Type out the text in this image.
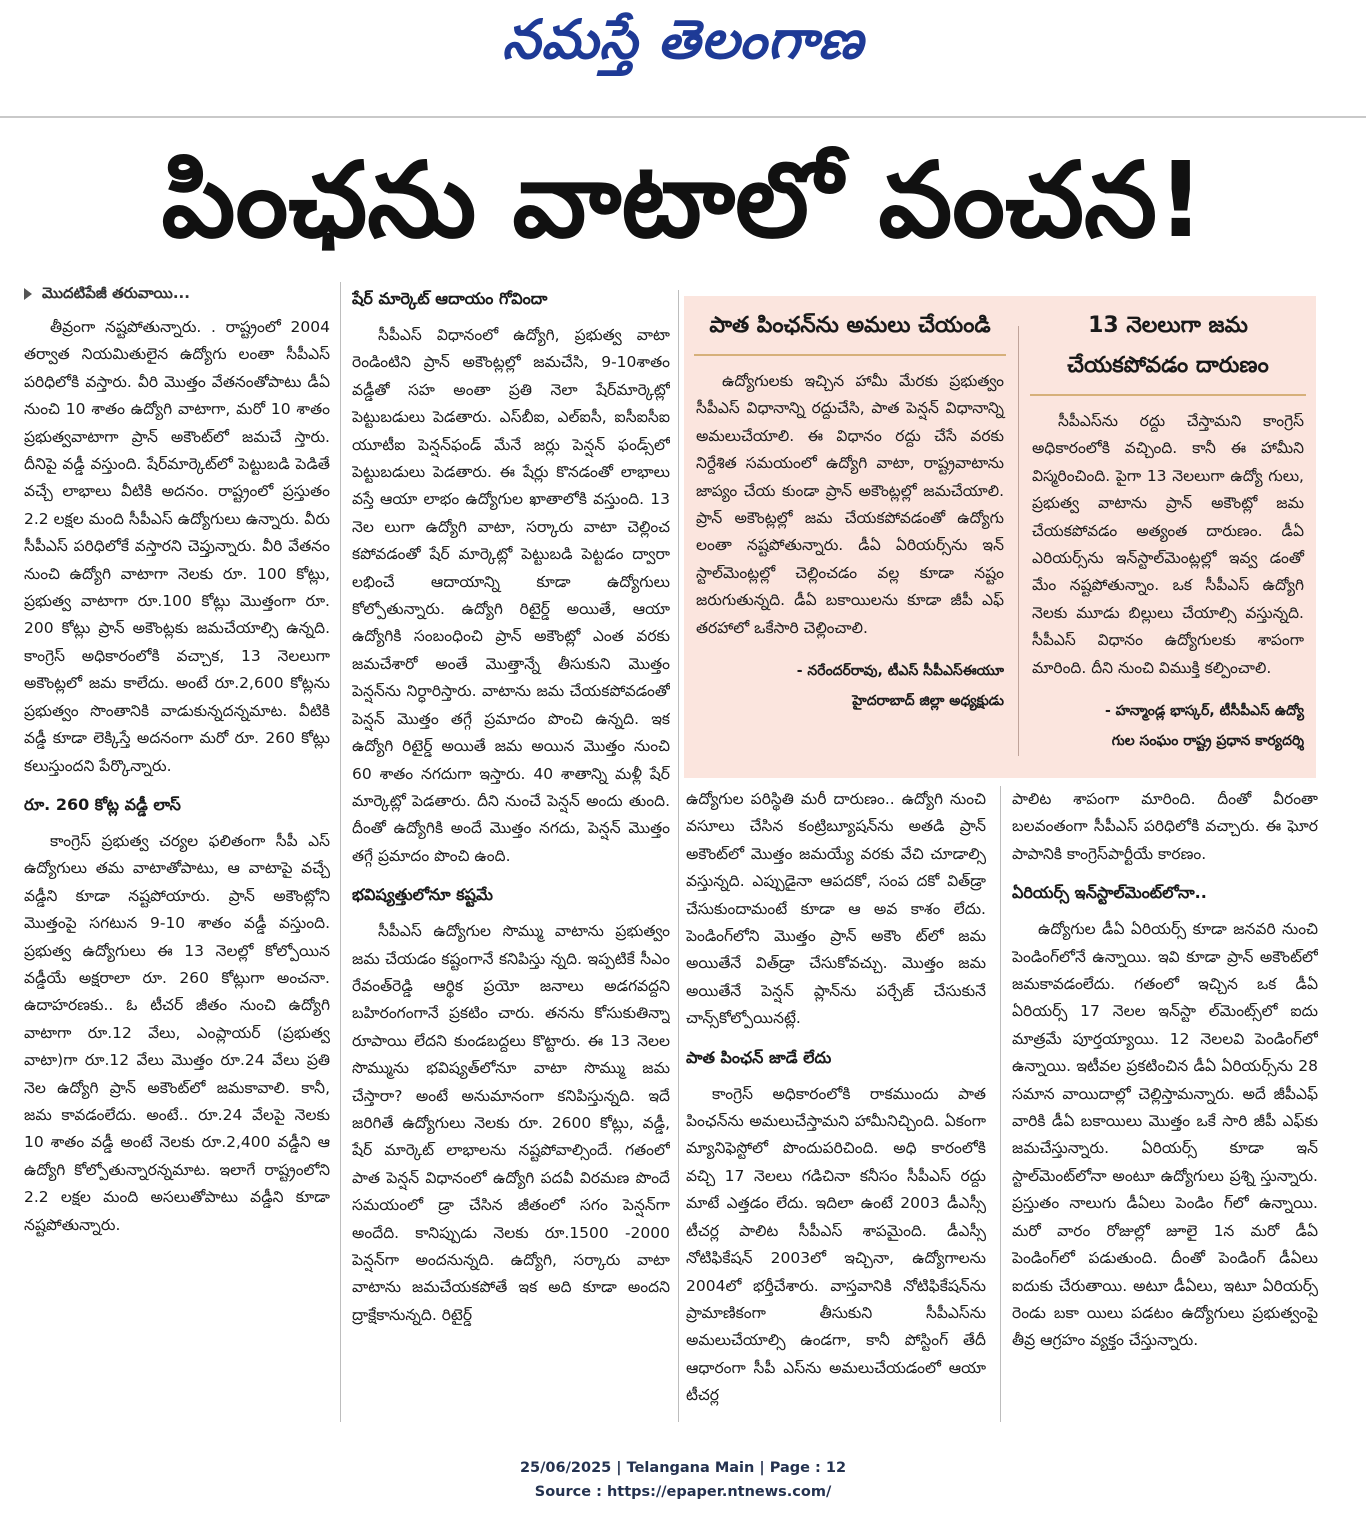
నమస్తే తెలంగాణ
పింఛను వాటాలో వంచన!
మొదటిపేజీ తరువాయి...

తీవ్రంగా నష్టపోతున్నారు. . రాష్ట్రంలో 2004 తర్వాత నియమితులైన ఉద్యోగు లంతా సీపీఎస్ పరిధిలోకి వస్తారు. వీరి మొత్తం వేతనంతోపాటు డీఏ నుంచి 10 శాతం ఉద్యోగి వాటాగా, మరో 10 శాతం ప్రభుత్వవాటాగా ప్రాన్ అకౌంట్‌లో జమచే స్తారు. దీనిపై వడ్డీ వస్తుంది. షేర్‌మార్కెట్‌లో పెట్టుబడి పెడితే వచ్చే లాభాలు వీటికి అదనం. రాష్ట్రంలో ప్రస్తుతం 2.2 లక్షల మంది సీపీఎస్ ఉద్యోగులు ఉన్నారు. వీరు సీపీఎస్ పరిధిలోకే వస్తారని చెప్తున్నారు. వీరి వేతనం నుంచి ఉద్యోగి వాటాగా నెలకు రూ. 100 కోట్లు, ప్రభుత్వ వాటాగా రూ.100 కోట్లు మొత్తంగా రూ. 200 కోట్లు ప్రాన్ అకౌంట్లకు జమచేయాల్సి ఉన్నది. కాంగ్రెస్ అధికారంలోకి వచ్చాక, 13 నెలలుగా అకౌంట్లలో జమ కాలేదు. అంటే రూ.2,600 కోట్లను ప్రభుత్వం సొంతానికి వాడుకున్నదన్నమాట. వీటికి వడ్డీ కూడా లెక్కిస్తే అదనంగా మరో రూ. 260 కోట్లు కలుస్తుందని పేర్కొన్నారు.

రూ. 260 కోట్ల వడ్డీ లాస్

కాంగ్రెస్ ప్రభుత్వ చర్యల ఫలితంగా సీపీ ఎస్ ఉద్యోగులు తమ వాటాతోపాటు, ఆ వాటాపై వచ్చే వడ్డీని కూడా నష్టపోయారు. ప్రాన్ అకౌంట్లోని మొత్తంపై సగటున 9-10 శాతం వడ్డీ వస్తుంది. ప్రభుత్వ ఉద్యోగులు ఈ 13 నెలల్లో కోల్పోయిన వడ్డీయే అక్షరాలా రూ. 260 కోట్లుగా అంచనా. ఉదాహరణకు.. ఓ టీచర్ జీతం నుంచి ఉద్యోగి వాటాగా రూ.12 వేలు, ఎంప్లాయర్ (ప్రభుత్వ వాటా)గా రూ.12 వేలు మొత్తం రూ.24 వేలు ప్రతి నెల ఉద్యోగి ప్రాన్ అకౌంట్‌లో జమకావాలి. కానీ, జమ కావడంలేదు. అంటే.. రూ.24 వేలపై నెలకు 10 శాతం వడ్డీ అంటే నెలకు రూ.2,400 వడ్డీని ఆ ఉద్యోగి కోల్పోతున్నారన్నమాట. ఇలాగే రాష్ట్రంలోని 2.2 లక్షల మంది అసలుతోపాటు వడ్డీని కూడా నష్టపోతున్నారు.

షేర్ మార్కెట్ ఆదాయం గోవిందా

సీపీఎస్ విధానంలో ఉద్యోగి, ప్రభుత్వ వాటా రెండింటిని ప్రాన్ అకౌంట్లల్లో జమచేసి, 9-10శాతం వడ్డీతో సహ అంతా ప్రతి నెలా షేర్‌మార్కెట్లో పెట్టుబడులు పెడతారు. ఎస్‌బీఐ, ఎల్ఐసీ, ఐసీఐసీఐ యూటీఐ పెన్షన్‌ఫండ్ మేనే జర్లు పెన్షన్ ఫండ్స్‌లో పెట్టుబడులు పెడతారు. ఈ షేర్లు కొనడంతో లాభాలు వస్తే ఆయా లాభం ఉద్యోగుల ఖాతాలోకి వస్తుంది. 13 నెల లుగా ఉద్యోగి వాటా, సర్కారు వాటా చెల్లించ కపోవడంతో షేర్ మార్కెట్లో పెట్టుబడి పెట్టడం ద్వారా లభించే ఆదాయాన్ని కూడా ఉద్యోగులు కోల్పోతున్నారు. ఉద్యోగి రిటైర్డ్ అయితే, ఆయా ఉద్యోగికి సంబంధించి ప్రాన్ అకౌంట్లో ఎంత వరకు జమచేశారో అంతే మొత్తాన్నే తీసుకుని మొత్తం పెన్షన్‌ను నిర్ధారిస్తారు. వాటాను జమ చేయకపోవడంతో పెన్షన్ మొత్తం తగ్గే ప్రమాదం పొంచి ఉన్నది. ఇక ఉద్యోగి రిటైర్డ్ అయితే జమ అయిన మొత్తం నుంచి 60 శాతం నగదుగా ఇస్తారు. 40 శాతాన్ని మళ్లీ షేర్ మార్కెట్లో పెడతారు. దీని నుంచే పెన్షన్ అందు తుంది. దీంతో ఉద్యోగికి అందే మొత్తం నగదు, పెన్షన్ మొత్తం తగ్గే ప్రమాదం పొంచి ఉంది.

భవిష్యత్తులోనూ కష్టమే

సీపీఎస్ ఉద్యోగుల సొమ్ము వాటాను ప్రభుత్వం జమ చేయడం కష్టంగానే కనిపిస్తు న్నది. ఇప్పటికే సీఎం రేవంత్‌రెడ్డి ఆర్థిక ప్రయో జనాలు అడగవద్దని బహిరంగంగానే ప్రకటిం చారు. తనను కోసుకుతిన్నా రూపాయి లేదని కుండబద్దలు కొట్టారు. ఈ 13 నెలల సొమ్మును భవిష్యత్‌లోనూ వాటా సొమ్ము జమ చేస్తారా? అంటే అనుమానంగా కనిపిస్తున్నది. ఇదే జరిగితే ఉద్యోగులు నెలకు రూ. 2600 కోట్లు, వడ్డీ, షేర్ మార్కెట్ లాభాలను నష్టపోవాల్సిందే. గతంలో పాత పెన్షన్ విధానంలో ఉద్యోగి పదవీ విరమణ పొందే సమయంలో డ్రా చేసిన జీతంలో సగం పెన్షన్‌గా అందేది. కానిప్పుడు నెలకు రూ.1500 -2000 పెన్షన్‌గా అందనున్నది. ఉద్యోగి, సర్కారు వాటా వాటాను జమచేయకపోతే ఇక అది కూడా అందని ద్రాక్షేకానున్నది. రిటైర్డ్

పాత పింఛన్‌ను అమలు చేయండి

ఉద్యోగులకు ఇచ్చిన హామీ మేరకు ప్రభుత్వం సీపీఎస్ విధానాన్ని రద్దుచేసి, పాత పెన్షన్ విధానాన్ని అమలుచేయాలి. ఈ విధానం రద్దు చేసే వరకు నిర్దేశిత సమయంలో ఉద్యోగి వాటా, రాష్ట్రవాటాను జాప్యం చేయ కుండా ప్రాన్ అకౌంట్లల్లో జమచేయాలి. ప్రాన్ అకౌంట్లల్లో జమ చేయకపోవడంతో ఉద్యోగు లంతా నష్టపోతున్నారు. డీఏ ఏరియర్స్‌ను ఇన్ స్టాల్‌మెంట్లల్లో చెల్లించడం వల్ల కూడా నష్టం జరుగుతున్నది. డీఏ బకాయిలను కూడా జీపీ ఎఫ్ తరహాలో ఒకేసారి చెల్లించాలి.

- నరేందర్‌రావు, టీఎస్ సీపీఎస్ఈయూ
హైదరాబాద్ జిల్లా అధ్యక్షుడు
13 నెలలుగా జమ చేయకపోవడం దారుణం

సీపీఎస్‌ను రద్దు చేస్తామని కాంగ్రెస్ అధికారంలోకి వచ్చింది. కానీ ఈ హామీని విస్మరించింది. పైగా 13 నెలలుగా ఉద్యో గులు, ప్రభుత్వ వాటాను ప్రాన్ అకౌంట్లో జమ చేయకపోవడం అత్యంత దారుణం. డీఏ ఎరియర్స్‌ను ఇన్‌స్టాల్‌మెంట్లల్లో ఇవ్వ డంతో మేం నష్టపోతున్నాం. ఒక సీపీఎస్ ఉద్యోగి నెలకు మూడు బిల్లులు చేయాల్సి వస్తున్నది. సీపీఎస్ విధానం ఉద్యోగులకు శాపంగా మారింది. దీని నుంచి విముక్తి కల్పించాలి.

- హన్మాండ్ల భాస్కర్, టీసీపీఎస్ ఉద్యో
గుల సంఘం రాష్ట్ర ప్రధాన కార్యదర్శి

ఉద్యోగుల పరిస్థితి మరీ దారుణం.. ఉద్యోగి నుంచి వసూలు చేసిన కంట్రిబ్యూషన్‌ను అతడి ప్రాన్ అకౌంట్‌లో మొత్తం జమయ్యే వరకు వేచి చూడాల్సి వస్తున్నది. ఎప్పుడైనా ఆపదకో, సంప దకో విత్‌డ్రా చేసుకుందామంటే కూడా ఆ అవ కాశం లేదు. పెండింగ్‌లోని మొత్తం ప్రాన్ అకౌం ట్‌లో జమ అయితేనే విత్‌డ్రా చేసుకోవచ్చు. మొత్తం జమ అయితేనే పెన్షన్ ప్లాన్‌ను పర్చేజ్ చేసుకునే చాన్స్‌కోల్పోయినట్లే.

పాత పింఛన్ జాడే లేదు

కాంగ్రెస్ అధికారంలోకి రాకముందు పాత పింఛన్‌ను అమలుచేస్తామని హామీనిచ్చింది. ఏకంగా మ్యానిఫెస్టోలో పొందుపరిచింది. అధి కారంలోకి వచ్చి 17 నెలలు గడిచినా కనీసం సీపీఎస్ రద్దు మాటే ఎత్తడం లేదు. ఇదిలా ఉంటే 2003 డీఎస్సీ టీచర్ల పాలిట సీపీఎస్ శాపమైంది. డీఎస్సీ నోటిఫికేషన్ 2003లో ఇచ్చినా, ఉద్యోగాలను 2004లో భర్తీచేశారు. వాస్తవానికి నోటిఫికేషన్‌ను ప్రామాణికంగా తీసుకుని సీపీఎస్‌ను అమలుచేయాల్సి ఉండగా, కానీ పోస్టింగ్ తేదీ ఆధారంగా సీపీ ఎస్‌ను అమలుచేయడంలో ఆయా టీచర్ల

పాలిట శాపంగా మారింది. దీంతో వీరంతా బలవంతంగా సీపీఎస్ పరిధిలోకి వచ్చారు. ఈ ఘోర పాపానికి కాంగ్రెస్‌పార్టీయే కారణం.

ఏరియర్స్ ఇన్‌స్టాల్‌మెంట్‌లోనా..

ఉద్యోగుల డీఏ ఏరియర్స్ కూడా జనవరి నుంచి పెండింగ్‌లోనే ఉన్నాయి. ఇవి కూడా ప్రాన్ అకౌంట్‌లో జమకావడంలేదు. గతంలో ఇచ్చిన ఒక డీఏ ఏరియర్స్ 17 నెలల ఇన్‌స్టా ల్‌మెంట్స్‌లో ఐదు మాత్రమే పూర్తయ్యాయి. 12 నెలలవి పెండింగ్‌లో ఉన్నాయి. ఇటీవల ప్రకటించిన డీఏ ఏరియర్స్‌ను 28 సమాన వాయిదాల్లో చెల్లిస్తామన్నారు. అదే జీపీఎఫ్ వారికి డీఏ బకాయిలు మొత్తం ఒకే సారి జీపీ ఎఫ్‌కు జమచేస్తున్నారు. ఏరియర్స్ కూడా ఇన్ స్టాల్‌మెంట్‌లోనా అంటూ ఉద్యోగులు ప్రశ్ని స్తున్నారు. ప్రస్తుతం నాలుగు డీఏలు పెండిం గ్‌లో ఉన్నాయి. మరో వారం రోజుల్లో జూలై 1న మరో డీఏ పెండింగ్‌లో పడుతుంది. దీంతో పెండింగ్ డీఏలు ఐదుకు చేరుతాయి. అటూ డీఏలు, ఇటూ ఏరియర్స్ రెండు బకా యిలు పడటం ఉద్యోగులు ప్రభుత్వంపై తీవ్ర ఆగ్రహం వ్యక్తం చేస్తున్నారు.

25/06/2025 | Telangana Main | Page : 12
Source : https://epaper.ntnews.com/
